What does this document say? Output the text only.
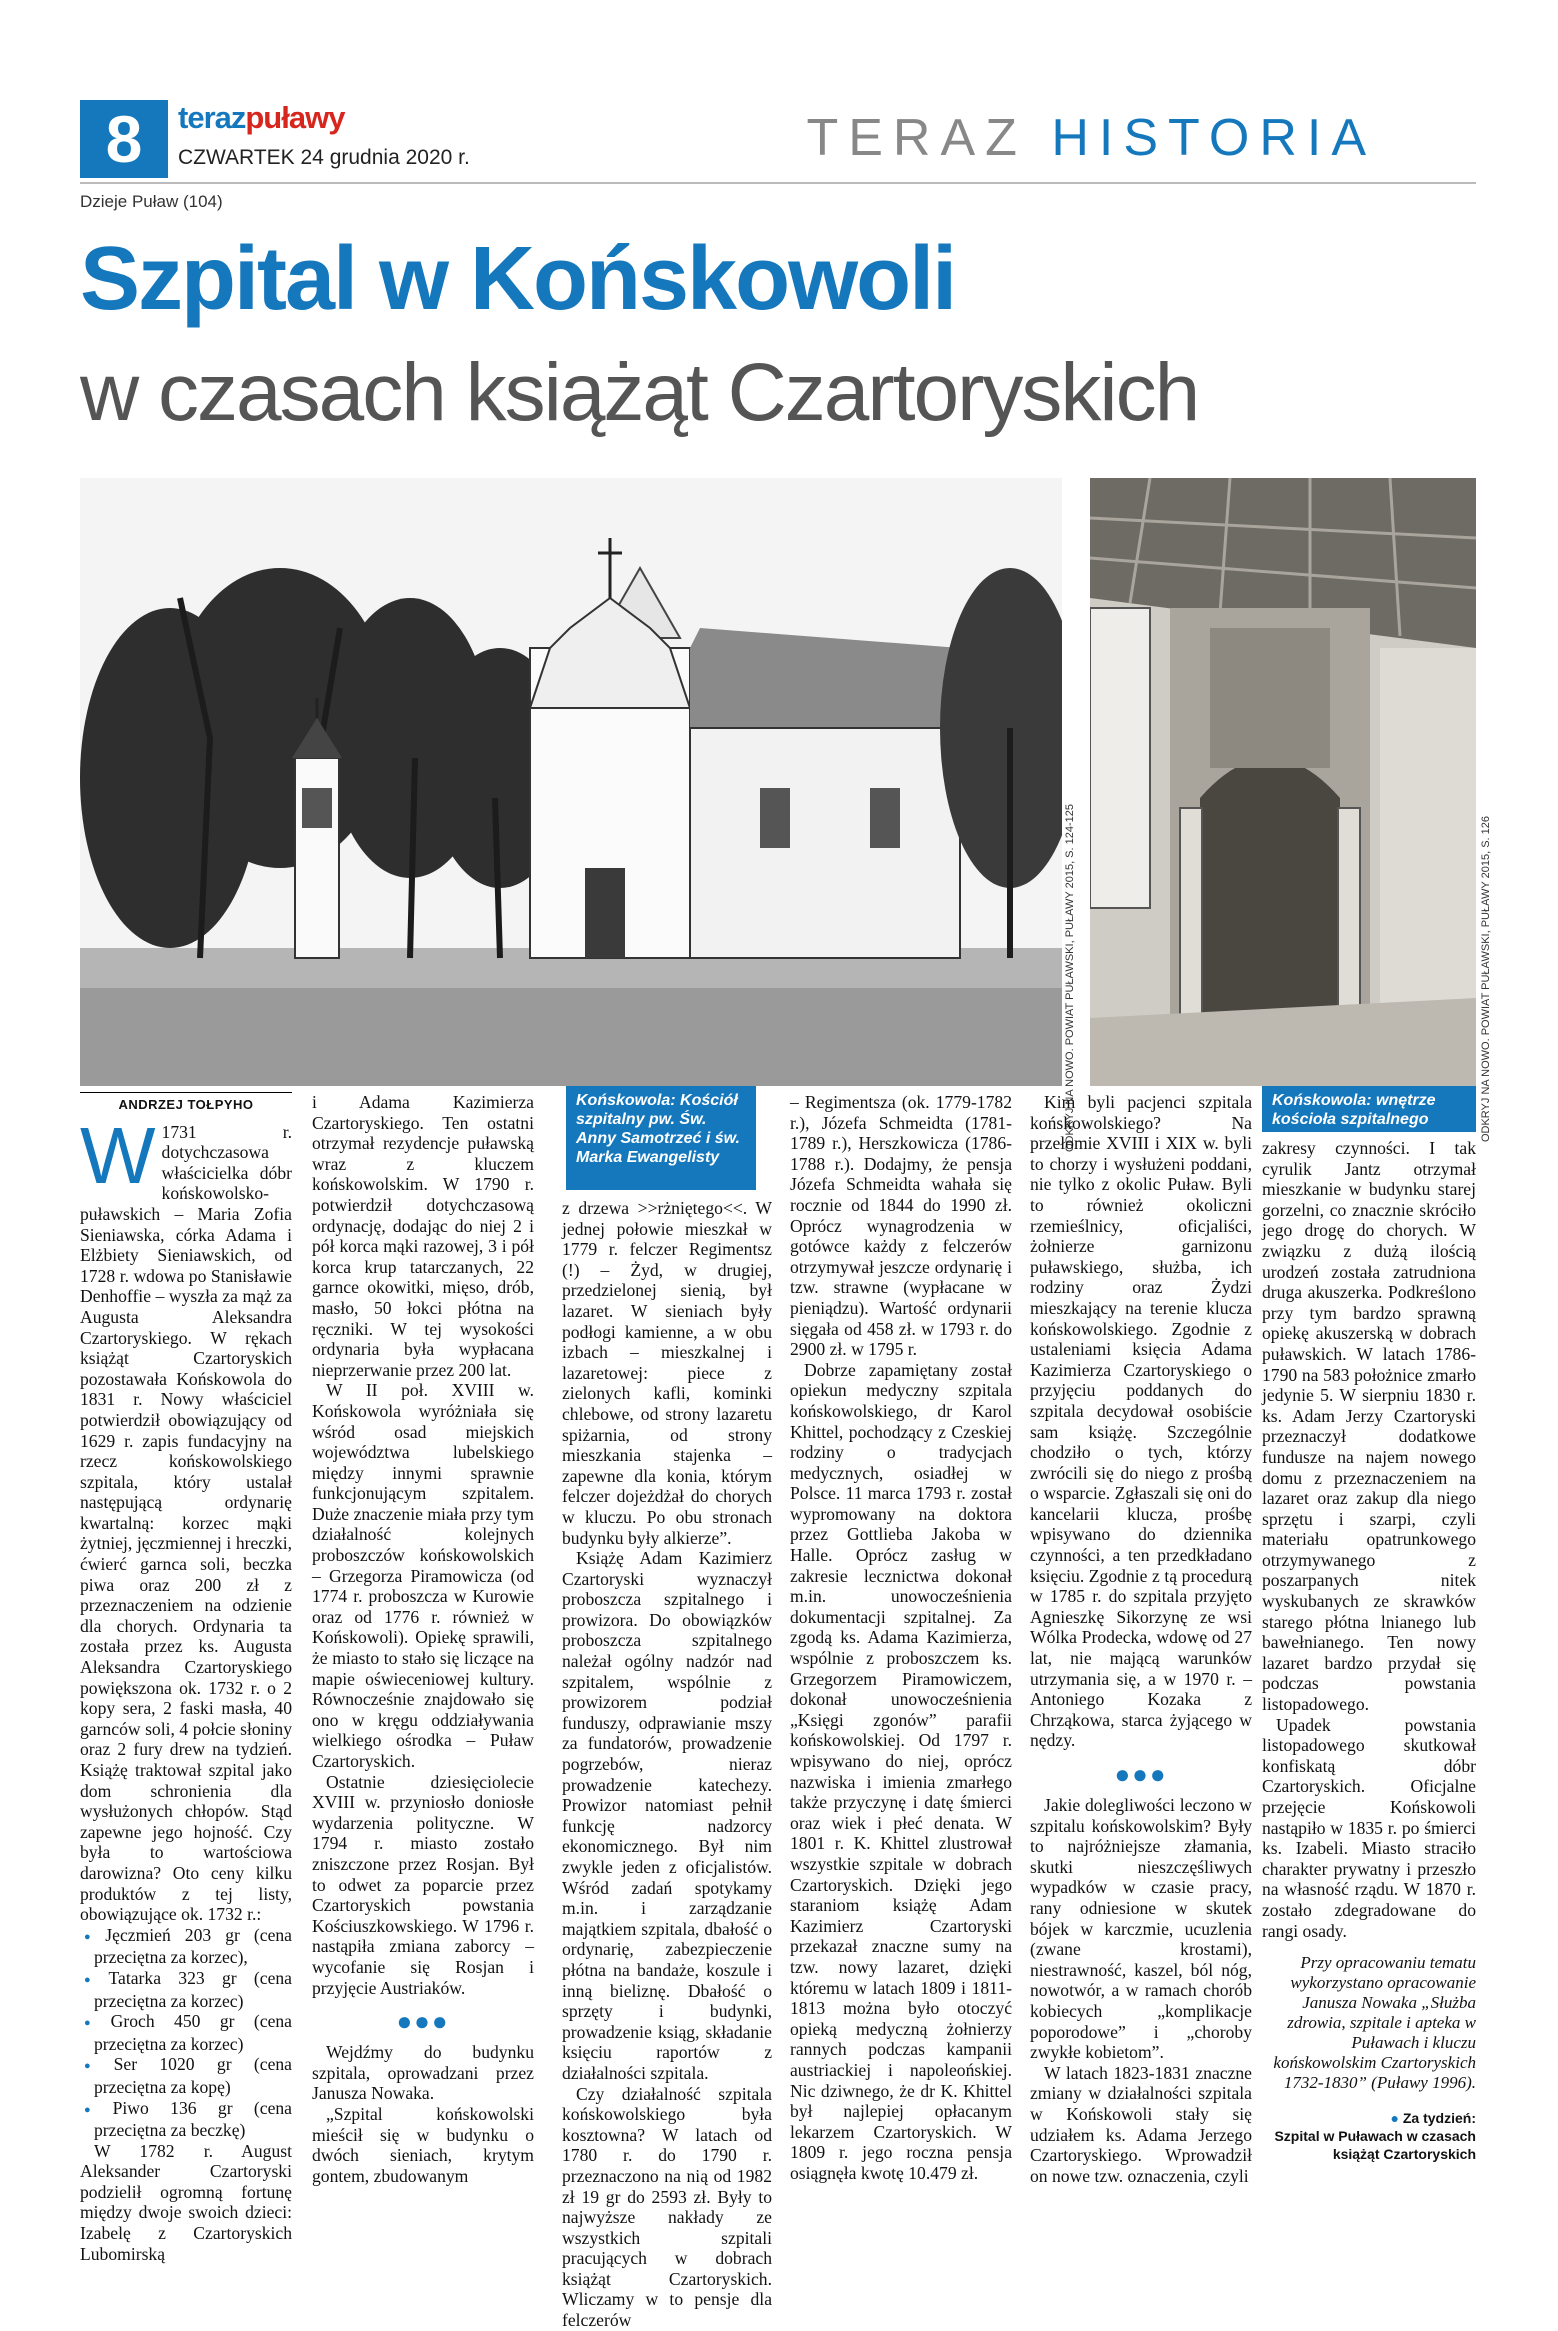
8	terazpuławy
CZWARTEK 24 grudnia 2020 r.	TERAZ HISTORIA
Dzieje Puław (104)
Szpital w Końskowoli
w czasach książąt Czartoryskich
ODKRYJ NA NOWO. POWIAT PUŁAWSKI, PUŁAWY 2015, S. 124-125	ODKRYJ NA NOWO. POWIAT PUŁAWSKI, PUŁAWY 2015, S. 126
Końskowola: Kościół szpitalny pw. Św. Anny Samotrzeć i św. Marka Ewangelisty
Końskowola: wnętrze kościoła szpitalnego
ANDRZEJ TOŁPYHO

W 1731 r. dotychczasowa właścicielka dóbr końskowolsko- puławskich – Maria Zofia Sieniawska, córka Adama i Elżbiety Sieniawskich, od 1728 r. wdowa po Stanisławie Denhoffie – wyszła za mąż za Augusta Aleksandra Czartoryskiego. W rękach książąt Czartoryskich pozostawała Końskowola do 1831 r. Nowy właściciel potwierdził obowiązujący od 1629 r. zapis fundacyjny na rzecz końskowolskiego szpitala, który ustalał następującą ordynarię kwartalną: korzec mąki żytniej, jęczmiennej i hreczki, ćwierć garnca soli, beczka piwa oraz 200 zł z przeznaczeniem na odzienie dla chorych. Ordynaria ta została przez ks. Augusta Aleksandra Czartoryskiego powiększona ok. 1732 r. o 2 kopy sera, 2 faski masła, 40 garnców soli, 4 połcie słoniny oraz 2 fury drew na tydzień. Książę traktował szpital jako dom schronienia dla wysłużonych chłopów. Stąd zapewne jego hojność. Czy była to wartościowa darowizna? Oto ceny kilku produktów z tej listy, obowiązujące ok. 1732 r.:

● Jęczmień 203 gr (cena przeciętna za korzec),
● Tatarka 323 gr (cena przeciętna za korzec)
● Groch 450 gr (cena przeciętna za korzec)
● Ser 1020 gr (cena przeciętna za kopę)
● Piwo 136 gr (cena przeciętna za beczkę)

W 1782 r. August Aleksander Czartoryski podzielił ogromną fortunę między dwoje swoich dzieci: Izabelę z Czartoryskich Lubomirską

i Adama Kazimierza Czartoryskiego. Ten ostatni otrzymał rezydencje puławską wraz z kluczem końskowolskim. W 1790 r. potwierdził dotychczasową ordynację, dodając do niej 2 i pół korca mąki razowej, 3 i pół korca krup tatarczanych, 22 garnce okowitki, mięso, drób, masło, 50 łokci płótna na ręczniki. W tej wysokości ordynaria była wypłacana nieprzerwanie przez 200 lat.

W II poł. XVIII w. Końskowola wyróżniała się wśród osad miejskich województwa lubelskiego między innymi sprawnie funkcjonującym szpitalem. Duże znaczenie miała przy tym działalność kolejnych proboszczów końskowolskich – Grzegorza Piramowicza (od 1774 r. proboszcza w Kurowie oraz od 1776 r. również w Końskowoli). Opiekę sprawili, że miasto to stało się liczące na mapie oświeceniowej kultury. Równocześnie znajdowało się ono w kręgu oddziaływania wielkiego ośrodka – Puław Czartoryskich.

Ostatnie dziesięciolecie XVIII w. przyniosło doniosłe wydarzenia polityczne. W 1794 r. miasto zostało zniszczone przez Rosjan. Był to odwet za poparcie przez Czartoryskich powstania Kościuszkowskiego. W 1796 r. nastąpiła zmiana zaborcy – wycofanie się Rosjan i przyjęcie Austriaków.

●●●

Wejdźmy do budynku szpitala, oprowadzani przez Janusza Nowaka.

„Szpital końskowolski mieścił się w budynku o dwóch sieniach, krytym gontem, zbudowanym

z drzewa >>rżniętego<<. W jednej połowie mieszkał w 1779 r. felczer Regimentsz (!) – Żyd, w drugiej, przedzielonej sienią, był lazaret. W sieniach były podłogi kamienne, a w obu izbach – mieszkalnej i lazaretowej: piece z zielonych kafli, kominki chlebowe, od strony lazaretu spiżarnia, od strony mieszkania stajenka – zapewne dla konia, którym felczer dojeżdżał do chorych w kluczu. Po obu stronach budynku były alkierze”.

Książę Adam Kazimierz Czartoryski wyznaczył proboszcza szpitalnego i prowizora. Do obowiązków proboszcza szpitalnego należał ogólny nadzór nad szpitalem, wspólnie z prowizorem podział funduszy, odprawianie mszy za fundatorów, prowadzenie pogrzebów, nieraz prowadzenie katechezy. Prowizor natomiast pełnił funkcję nadzorcy ekonomicznego. Był nim zwykle jeden z oficjalistów. Wśród zadań spotykamy m.in. i zarządzanie majątkiem szpitala, dbałość o ordynarię, zabezpieczenie płótna na bandaże, koszule i inną bieliznę. Dbałość o sprzęty i budynki, prowadzenie ksiąg, składanie księciu raportów z działalności szpitala.

Czy działalność szpitala końskowolskiego była kosztowna? W latach od 1780 r. do 1790 r. przeznaczono na nią od 1982 zł 19 gr do 2593 zł. Były to najwyższe nakłady ze wszystkich szpitali pracujących w dobrach książąt Czartoryskich. Wliczamy w to pensje dla felczerów

– Regimentsza (ok. 1779-1782 r.), Józefa Schmeidta (1781-1789 r.), Herszkowicza (1786-1788 r.). Dodajmy, że pensja Józefa Schmeidta wahała się rocznie od 1844 do 1990 zł. Oprócz wynagrodzenia w gotówce każdy z felczerów otrzymywał jeszcze ordynarię i tzw. strawne (wypłacane w pieniądzu). Wartość ordynarii sięgała od 458 zł. w 1793 r. do 2900 zł. w 1795 r.

Dobrze zapamiętany został opiekun medyczny szpitala końskowolskiego, dr Karol Khittel, pochodzący z Czeskiej rodziny o tradycjach medycznych, osiadłej w Polsce. 11 marca 1793 r. został wypromowany na doktora przez Gottlieba Jakoba w Halle. Oprócz zasług w zakresie lecznictwa dokonał m.in. unowocześnienia dokumentacji szpitalnej. Za zgodą ks. Adama Kazimierza, wspólnie z proboszczem ks. Grzegorzem Piramowiczem, dokonał unowocześnienia „Księgi zgonów” parafii końskowolskiej. Od 1797 r. wpisywano do niej, oprócz nazwiska i imienia zmarłego także przyczynę i datę śmierci oraz wiek i płeć denata. W 1801 r. K. Khittel zlustrował wszystkie szpitale w dobrach Czartoryskich. Dzięki jego staraniom książę Adam Kazimierz Czartoryski przekazał znaczne sumy na tzw. nowy lazaret, dzięki któremu w latach 1809 i 1811-1813 można było otoczyć opieką medyczną żołnierzy rannych podczas kampanii austriackiej i napoleońskiej. Nic dziwnego, że dr K. Khittel był najlepiej opłacanym lekarzem Czartoryskich. W 1809 r. jego roczna pensja osiągnęła kwotę 10.479 zł.

Kim byli pacjenci szpitala końskowolskiego? Na przełomie XVIII i XIX w. byli to chorzy i wysłużeni poddani, nie tylko z okolic Puław. Byli to również okoliczni rzemieślnicy, oficjaliści, żołnierze garnizonu puławskiego, służba, ich rodziny oraz Żydzi mieszkający na terenie klucza końskowolskiego. Zgodnie z ustaleniami księcia Adama Kazimierza Czartoryskiego o przyjęciu poddanych do szpitala decydował osobiście sam książę. Szczególnie chodziło o tych, którzy zwrócili się do niego z prośbą o wsparcie. Zgłaszali się oni do kancelarii klucza, prośbę wpisywano do dziennika czynności, a ten przedkładano księciu. Zgodnie z tą procedurą w 1785 r. do szpitala przyjęto Agnieszkę Sikorzynę ze wsi Wólka Prodecka, wdowę od 27 lat, nie mającą warunków utrzymania się, a w 1970 r. – Antoniego Kozaka z Chrząkowa, starca żyjącego w nędzy.

●●●

Jakie dolegliwości leczono w szpitalu końskowolskim? Były to najróżniejsze złamania, skutki nieszczęśliwych wypadków w czasie pracy, rany odniesione w skutek bójek w karczmie, ucuzlenia (zwane krostami), niestrawność, kaszel, ból nóg, nowotwór, a w ramach chorób kobiecych „komplikacje poporodowe” i „choroby zwykłe kobietom”.

W latach 1823-1831 znaczne zmiany w działalności szpitala w Końskowoli stały się udziałem ks. Adama Jerzego Czartoryskiego. Wprowadził on nowe tzw. oznaczenia, czyli

zakresy czynności. I tak cyrulik Jantz otrzymał mieszkanie w budynku starej gorzelni, co znacznie skróciło jego drogę do chorych. W związku z dużą ilością urodzeń została zatrudniona druga akuszerka. Podkreślono przy tym bardzo sprawną opiekę akuszerską w dobrach puławskich. W latach 1786-1790 na 583 położnice zmarło jedynie 5. W sierpniu 1830 r. ks. Adam Jerzy Czartoryski przeznaczył dodatkowe fundusze na najem nowego domu z przeznaczeniem na lazaret oraz zakup dla niego sprzętu i szarpi, czyli materiału opatrunkowego otrzymywanego z poszarpanych nitek wyskubanych ze skrawków starego płótna lnianego lub bawełnianego. Ten nowy lazaret bardzo przydał się podczas powstania listopadowego.

Upadek powstania listopadowego skutkował konfiskatą dóbr Czartoryskich. Oficjalne przejęcie Końskowoli nastąpiło w 1835 r. po śmierci ks. Izabeli. Miasto straciło charakter prywatny i przeszło na własność rządu. W 1870 r. zostało zdegradowane do rangi osady.

Przy opracowaniu tematu wykorzystano opracowanie Janusza Nowaka „Służba zdrowia, szpitale i apteka w Puławach i kluczu końskowolskim Czartoryskich 1732-1830” (Puławy 1996).
● Za tydzień:
Szpital w Puławach w czasach
książąt Czartoryskich
